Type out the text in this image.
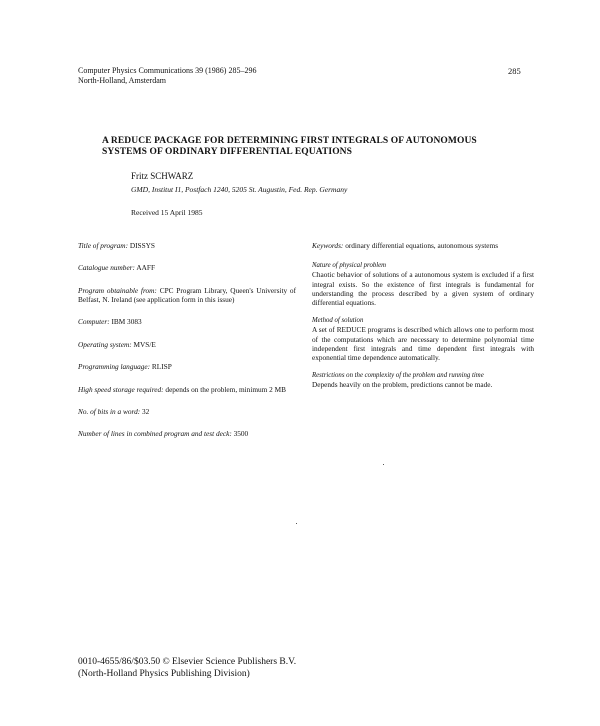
Computer Physics Communications 39 (1986) 285–296
North-Holland, Amsterdam
285
A REDUCE PACKAGE FOR DETERMINING FIRST INTEGRALS OF AUTONOMOUS
SYSTEMS OF ORDINARY DIFFERENTIAL EQUATIONS
Fritz SCHWARZ
GMD, Institut I1, Postfach 1240, 5205 St. Augustin, Fed. Rep. Germany
Received 15 April 1985
Title of program: DISSYS
Catalogue number: AAFF
Program obtainable from: CPC Program Library, Queen's University of Belfast, N. Ireland (see application form in this issue)
Computer: IBM 3083
Operating system: MVS/E
Programming language: RLISP
High speed storage required: depends on the problem, minimum 2 MB
No. of bits in a word: 32
Number of lines in combined program and test deck: 3500
Keywords: ordinary differential equations, autonomous systems
Nature of physical problem
Chaotic behavior of solutions of a autonomous system is excluded if a first integral exists. So the existence of first integrals is fundamental for understanding the process described by a given system of ordinary differential equations.
Method of solution
A set of REDUCE programs is described which allows one to perform most of the computations which are necessary to determine polynomial time independent first integrals and time dependent first integrals with exponential time dependence automatically.
Restrictions on the complexity of the problem and running time
Depends heavily on the problem, predictions cannot be made.
0010-4655/86/$03.50 © Elsevier Science Publishers B.V.
(North-Holland Physics Publishing Division)
